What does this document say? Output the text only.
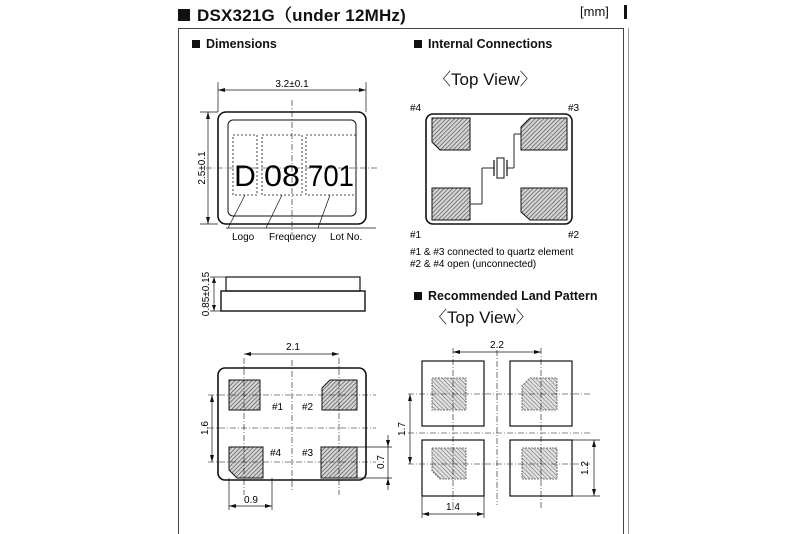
DSX321G（under 12MHz)	[mm]
Dimensions	Internal Connections
〈Top View〉
Recommended Land Pattern
〈Top View〉
3.2±0.1
2.5±0.1 D 08 701
Logo Frequency Lot No.
0.85±0.15
#1 #2
#4 #3
2.1
1.6
0.7
0.9
#4	#3
#1	#2
#1 & #3 connected to quartz element
#2 & #4 open (unconnected)
2.2
1.7
1.2
1.4
